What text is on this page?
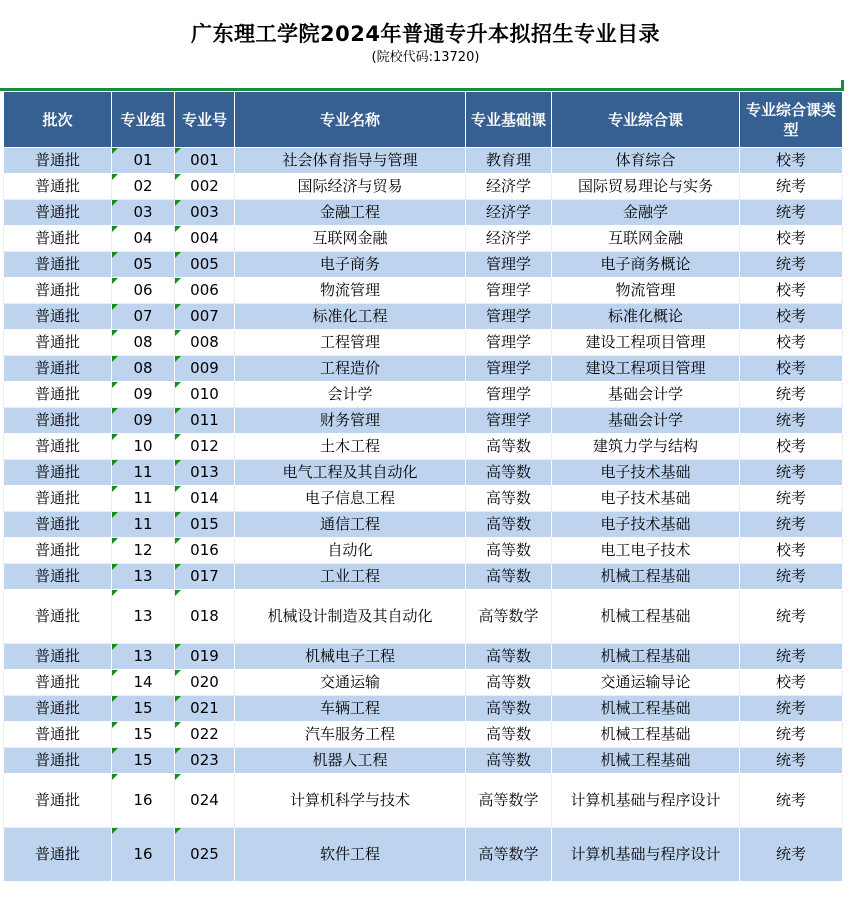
广东理工学院2024年普通专升本拟招生专业目录
(院校代码:13720)
批次	专业组	专业号	专业名称	专业基础课	专业综合课	专业综合课类型
普通批	01	001	社会体育指导与管理	教育理	体育综合	校考
普通批	02	002	国际经济与贸易	经济学	国际贸易理论与实务	统考
普通批	03	003	金融工程	经济学	金融学	统考
普通批	04	004	互联网金融	经济学	互联网金融	校考
普通批	05	005	电子商务	管理学	电子商务概论	统考
普通批	06	006	物流管理	管理学	物流管理	校考
普通批	07	007	标准化工程	管理学	标准化概论	校考
普通批	08	008	工程管理	管理学	建设工程项目管理	校考
普通批	08	009	工程造价	管理学	建设工程项目管理	校考
普通批	09	010	会计学	管理学	基础会计学	统考
普通批	09	011	财务管理	管理学	基础会计学	统考
普通批	10	012	土木工程	高等数	建筑力学与结构	校考
普通批	11	013	电气工程及其自动化	高等数	电子技术基础	统考
普通批	11	014	电子信息工程	高等数	电子技术基础	统考
普通批	11	015	通信工程	高等数	电子技术基础	统考
普通批	12	016	自动化	高等数	电工电子技术	校考
普通批	13	017	工业工程	高等数	机械工程基础	统考
普通批	13	018	机械设计制造及其自动化	高等数学	机械工程基础	统考
普通批	13	019	机械电子工程	高等数	机械工程基础	统考
普通批	14	020	交通运输	高等数	交通运输导论	校考
普通批	15	021	车辆工程	高等数	机械工程基础	统考
普通批	15	022	汽车服务工程	高等数	机械工程基础	统考
普通批	15	023	机器人工程	高等数	机械工程基础	统考
普通批	16	024	计算机科学与技术	高等数学	计算机基础与程序设计	统考
普通批	16	025	软件工程	高等数学	计算机基础与程序设计	统考
